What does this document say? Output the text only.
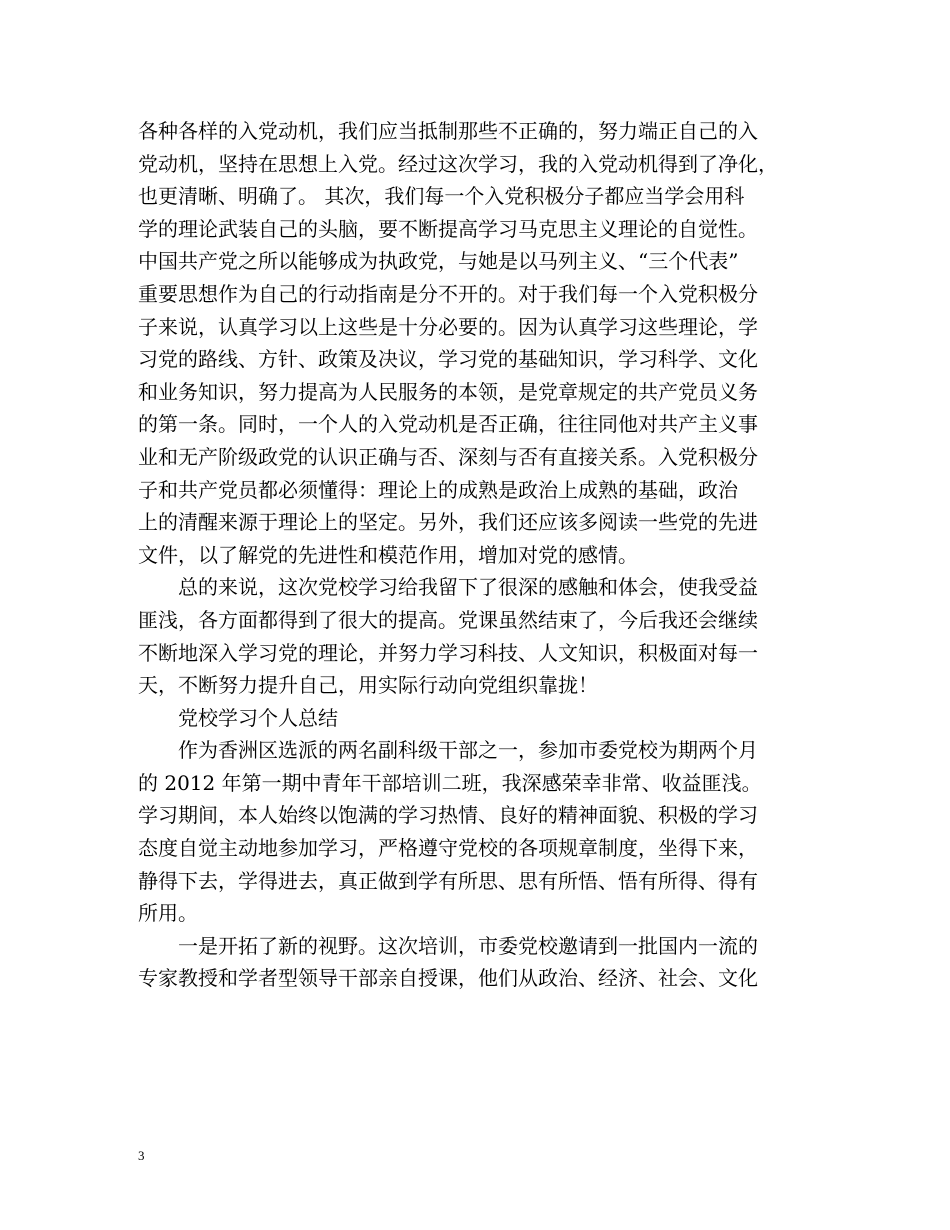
各种各样的入党动机，我们应当抵制那些不正确的，努力端正自己的入
党动机，坚持在思想上入党。经过这次学习，我的入党动机得到了净化，
也更清晰、明确了。 其次，我们每一个入党积极分子都应当学会用科
学的理论武装自己的头脑，要不断提高学习马克思主义理论的自觉性。
中国共产党之所以能够成为执政党，与她是以马列主义、“三个代表”
重要思想作为自己的行动指南是分不开的。对于我们每一个入党积极分
子来说，认真学习以上这些是十分必要的。因为认真学习这些理论，学
习党的路线、方针、政策及决议，学习党的基础知识，学习科学、文化
和业务知识，努力提高为人民服务的本领，是党章规定的共产党员义务
的第一条。同时，一个人的入党动机是否正确，往往同他对共产主义事
业和无产阶级政党的认识正确与否、深刻与否有直接关系。入党积极分
子和共产党员都必须懂得：理论上的成熟是政治上成熟的基础，政治
上的清醒来源于理论上的坚定。另外，我们还应该多阅读一些党的先进
文件，以了解党的先进性和模范作用，增加对党的感情。
总的来说，这次党校学习给我留下了很深的感触和体会，使我受益
匪浅，各方面都得到了很大的提高。党课虽然结束了，今后我还会继续
不断地深入学习党的理论，并努力学习科技、人文知识，积极面对每一
天，不断努力提升自己，用实际行动向党组织靠拢！
党校学习个人总结
作为香洲区选派的两名副科级干部之一，参加市委党校为期两个月
的 2012 年第一期中青年干部培训二班，我深感荣幸非常、收益匪浅。
学习期间，本人始终以饱满的学习热情、良好的精神面貌、积极的学习
态度自觉主动地参加学习，严格遵守党校的各项规章制度，坐得下来，
静得下去，学得进去，真正做到学有所思、思有所悟、悟有所得、得有
所用。
一是开拓了新的视野。这次培训，市委党校邀请到一批国内一流的
专家教授和学者型领导干部亲自授课，他们从政治、经济、社会、文化
3
